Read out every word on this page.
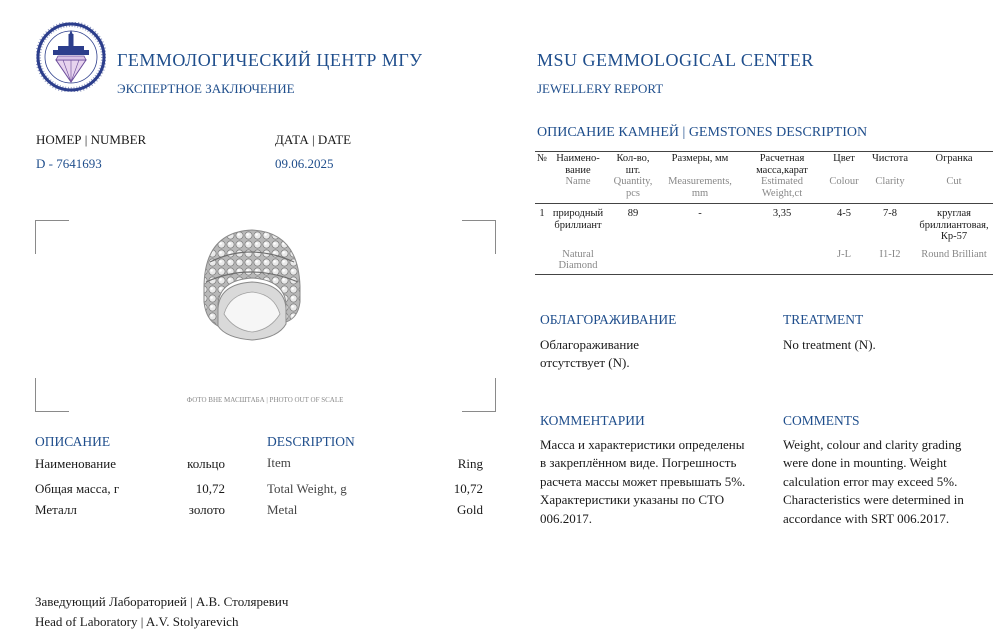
ГЕММОЛОГИЧЕСКИЙ ЦЕНТР МГУ
ЭКСПЕРТНОЕ ЗАКЛЮЧЕНИЕ
MSU GEMMOLOGICAL CENTER
JEWELLERY REPORT
НОМЕР | NUMBER
D - 7641693
ДАТА | DATE
09.06.2025
ФОТО ВНЕ МАСШТАБА | PHOTO OUT OF SCALE
ОПИСАНИЕ	DESCRIPTION
Наименование	кольцо	Item	Ring
Общая масса, г	10,72	Total Weight, g	10,72
Металл	золото	Metal	Gold
ОПИСАНИЕ КАМНЕЙ | GEMSTONES DESCRIPTION
№	Наимено-вание	Кол-во, шт.	Размеры, мм	Расчетная масса,карат	Цвет	Чистота	Огранка
	Name	Quantity, pcs	Measurements, mm	Estimated Weight,ct	Colour	Clarity	Cut
1	природный бриллиант	89	-	3,35	4-5	7-8	круглая бриллиантовая, Кр-57
	Natural Diamond				J-L	I1-I2	Round Brilliant
ОБЛАГОРАЖИВАНИЕ	TREATMENT
Облагораживание отсутствует (N).
No treatment (N).
КОММЕНТАРИИ	COMMENTS
Масса и характеристики определены в закреплённом виде. Погрешность расчета массы может превышать 5%. Характеристики указаны по СТО 006.2017.
Weight, colour and clarity grading were done in mounting. Weight calculation error may exceed 5%. Characteristics were determined in accordance with SRT 006.2017.
Заведующий Лабораторией | А.В. Столяревич
Head of Laboratory | A.V. Stolyarevich
